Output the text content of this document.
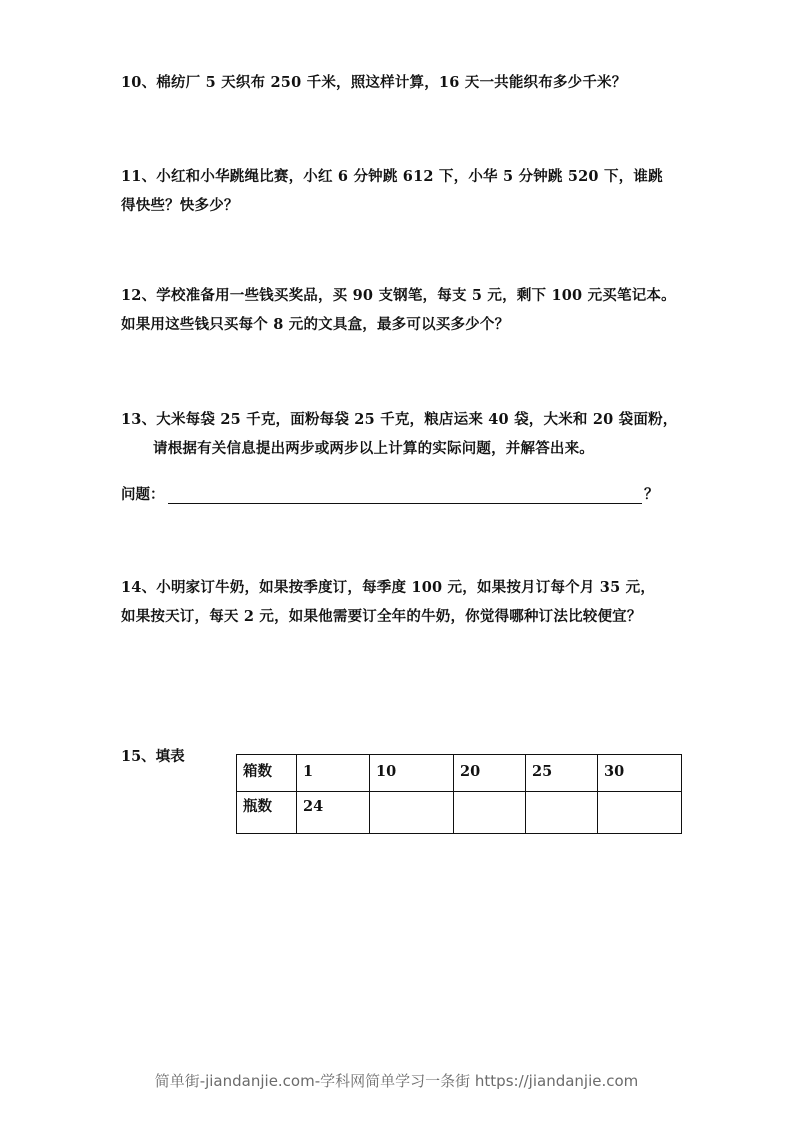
10、棉纺厂 5 天织布 250 千米，照这样计算，16 天一共能织布多少千米？
11、小红和小华跳绳比赛，小红 6 分钟跳 612 下，小华 5 分钟跳 520 下，谁跳
得快些？快多少？
12、学校准备用一些钱买奖品，买 90 支钢笔，每支 5 元，剩下 100 元买笔记本。
如果用这些钱只买每个 8 元的文具盒，最多可以买多少个？
13、大米每袋 25 千克，面粉每袋 25 千克，粮店运来 40 袋，大米和 20 袋面粉，
请根据有关信息提出两步或两步以上计算的实际问题，并解答出来。
问题：	？
14、小明家订牛奶，如果按季度订，每季度 100 元，如果按月订每个月 35 元，
如果按天订，每天 2 元，如果他需要订全年的牛奶，你觉得哪种订法比较便宜？
15、填表
箱数	1	10	20	25	30
瓶数	24				
简单街-jiandanjie.com-学科网简单学习一条街 https://jiandanjie.com
